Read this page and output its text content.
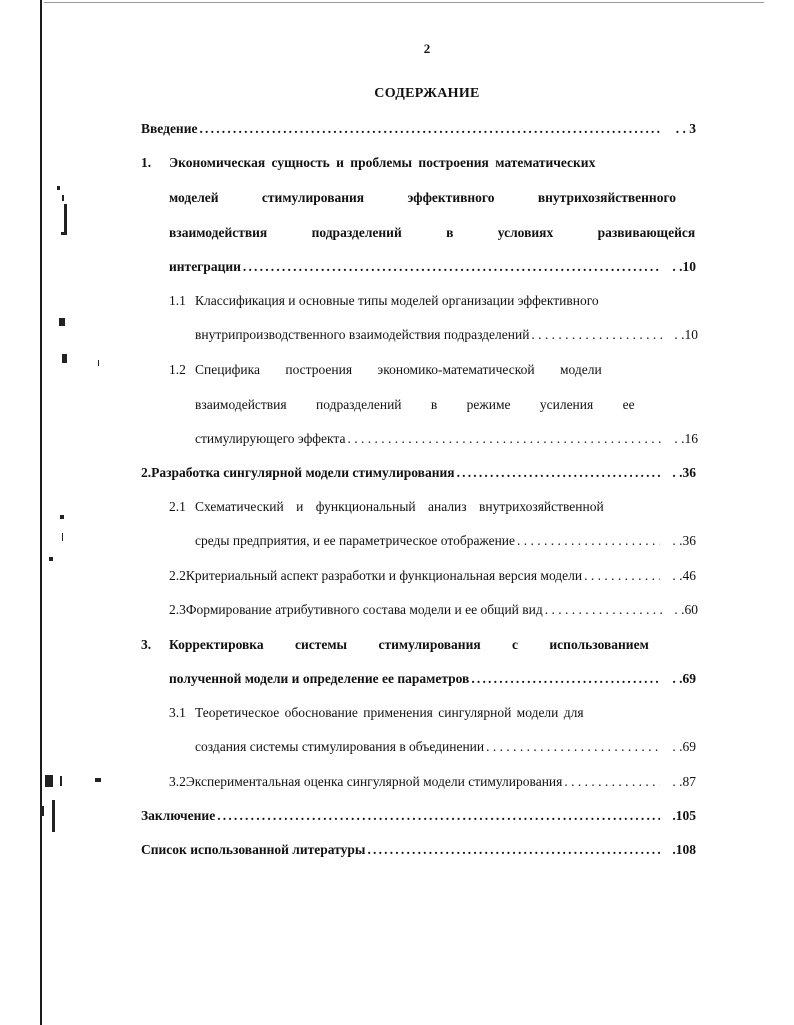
2
СОДЕРЖАНИЕ
Введение .....	. . 3
1.	Экономическая сущность и проблемы построения математических
моделей стимулирования эффективного внутрихозяйственного
взаимодействия подразделений в условиях развивающейся
интеграции .....	. .10
1.1 Классификация и основные типы моделей организации эффективного
внутрипроизводственного взаимодействия подразделений . . .	. .10
1.2 Специфика построения экономико-математической модели
взаимодействия подразделений в режиме усиления ее
стимулирующего эффекта . . .	. .16
2. Разработка сингулярной модели стимулирования .....	. .36
2.1 Схематический и функциональный анализ внутрихозяйственной
среды предприятия, и ее параметрическое отображение . . .	. .36
2.2 Критериальный аспект разработки и функциональная версия модели . . .	. .46
2.3 Формирование атрибутивного состава модели и ее общий вид . . .	. .60
3.	Корректировка системы стимулирования с использованием
полученной модели и определение ее параметров .....	. .69
3.1 Теоретическое обоснование применения сингулярной модели для
создания системы стимулирования в объединении . . .	. .69
3.2 Экспериментальная оценка сингулярной модели стимулирования . . .	. .87
Заключение .....	.105
Список использованной литературы .....	.108
